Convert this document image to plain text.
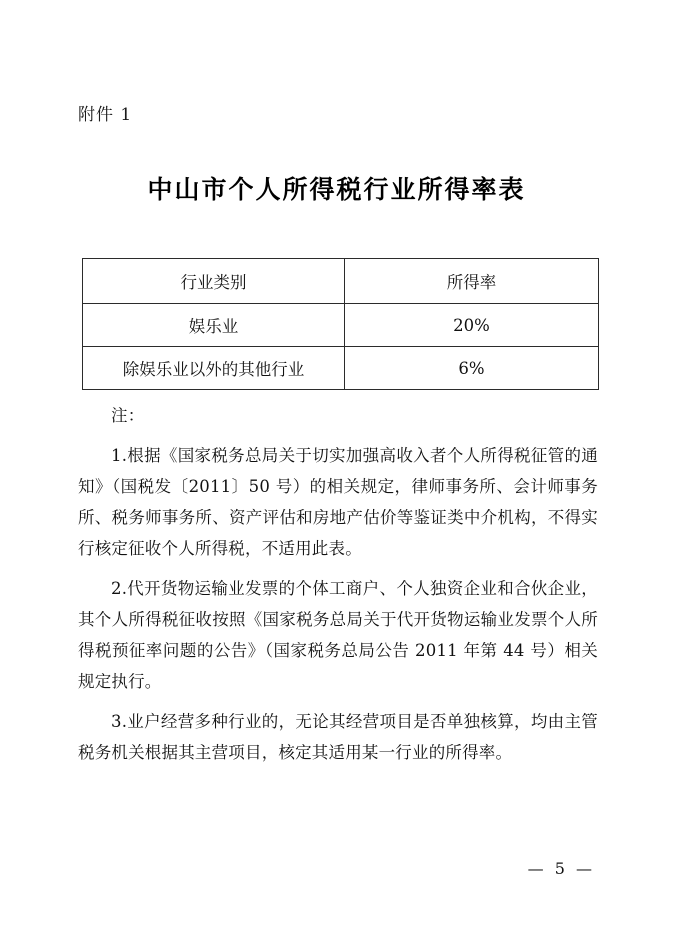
附件 1
中山市个人所得税行业所得率表
行业类别	所得率
娱乐业	20%
除娱乐业以外的其他行业	6%

注：

1.根据《国家税务总局关于切实加强高收入者个人所得税征管的通知》（国税发〔2011〕50 号）的相关规定，律师事务所、会计师事务所、税务师事务所、资产评估和房地产估价等鉴证类中介机构，不得实行核定征收个人所得税，不适用此表。

2.代开货物运输业发票的个体工商户、个人独资企业和合伙企业，其个人所得税征收按照《国家税务总局关于代开货物运输业发票个人所得税预征率问题的公告》（国家税务总局公告 2011 年第 44 号）相关规定执行。

3.业户经营多种行业的，无论其经营项目是否单独核算，均由主管税务机关根据其主营项目，核定其适用某一行业的所得率。

— 5 —
